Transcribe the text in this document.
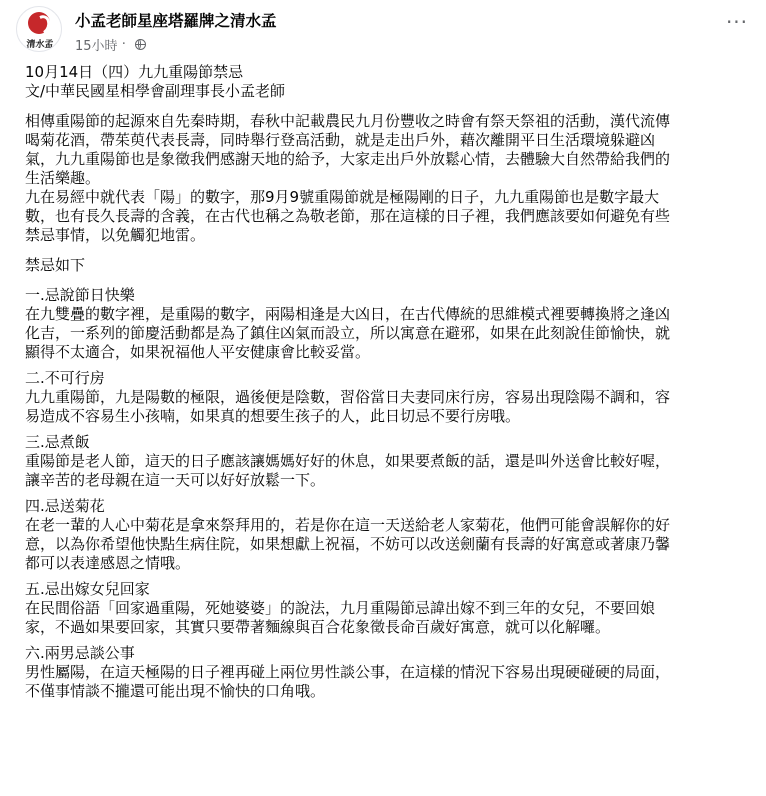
清水孟
小孟老師星座塔羅牌之清水孟
15小時 ·
···

10月14日（四）九九重陽節禁忌

文/中華民國星相學會副理事長小孟老師

相傳重陽節的起源來自先秦時期，春秋中記載農民九月份豐收之時會有祭天祭祖的活動，漢代流傳

喝菊花酒，帶茱萸代表長壽，同時舉行登高活動，就是走出戶外，藉次離開平日生活環境躲避凶

氣，九九重陽節也是象徵我們感謝天地的給予，大家走出戶外放鬆心情，去體驗大自然帶給我們的

生活樂趣。

九在易經中就代表「陽」的數字，那9月9號重陽節就是極陽剛的日子，九九重陽節也是數字最大

數，也有長久長壽的含義，在古代也稱之為敬老節，那在這樣的日子裡，我們應該要如何避免有些

禁忌事情，以免觸犯地雷。

禁忌如下

一.忌說節日快樂

在九雙疊的數字裡，是重陽的數字，兩陽相逢是大凶日，在古代傳統的思維模式裡要轉換將之逢凶

化吉，一系列的節慶活動都是為了鎮住凶氣而設立，所以寓意在避邪，如果在此刻說佳節愉快，就

顯得不太適合，如果祝福他人平安健康會比較妥當。

二.不可行房

九九重陽節，九是陽數的極限，過後便是陰數，習俗當日夫妻同床行房，容易出現陰陽不調和，容

易造成不容易生小孩喃，如果真的想要生孩子的人，此日切忌不要行房哦。

三.忌煮飯

重陽節是老人節，這天的日子應該讓媽媽好好的休息，如果要煮飯的話，還是叫外送會比較好喔，

讓辛苦的老母親在這一天可以好好放鬆一下。

四.忌送菊花

在老一輩的人心中菊花是拿來祭拜用的，若是你在這一天送給老人家菊花，他們可能會誤解你的好

意，以為你希望他快點生病住院，如果想獻上祝福，不妨可以改送劍蘭有長壽的好寓意或著康乃馨

都可以表達感恩之情哦。

五.忌出嫁女兒回家

在民間俗語「回家過重陽，死她婆婆」的說法，九月重陽節忌諱出嫁不到三年的女兒，不要回娘

家，不過如果要回家，其實只要帶著麵線與百合花象徵長命百歲好寓意，就可以化解囉。

六.兩男忌談公事

男性屬陽，在這天極陽的日子裡再碰上兩位男性談公事，在這樣的情況下容易出現硬碰硬的局面，

不僅事情談不攏還可能出現不愉快的口角哦。
